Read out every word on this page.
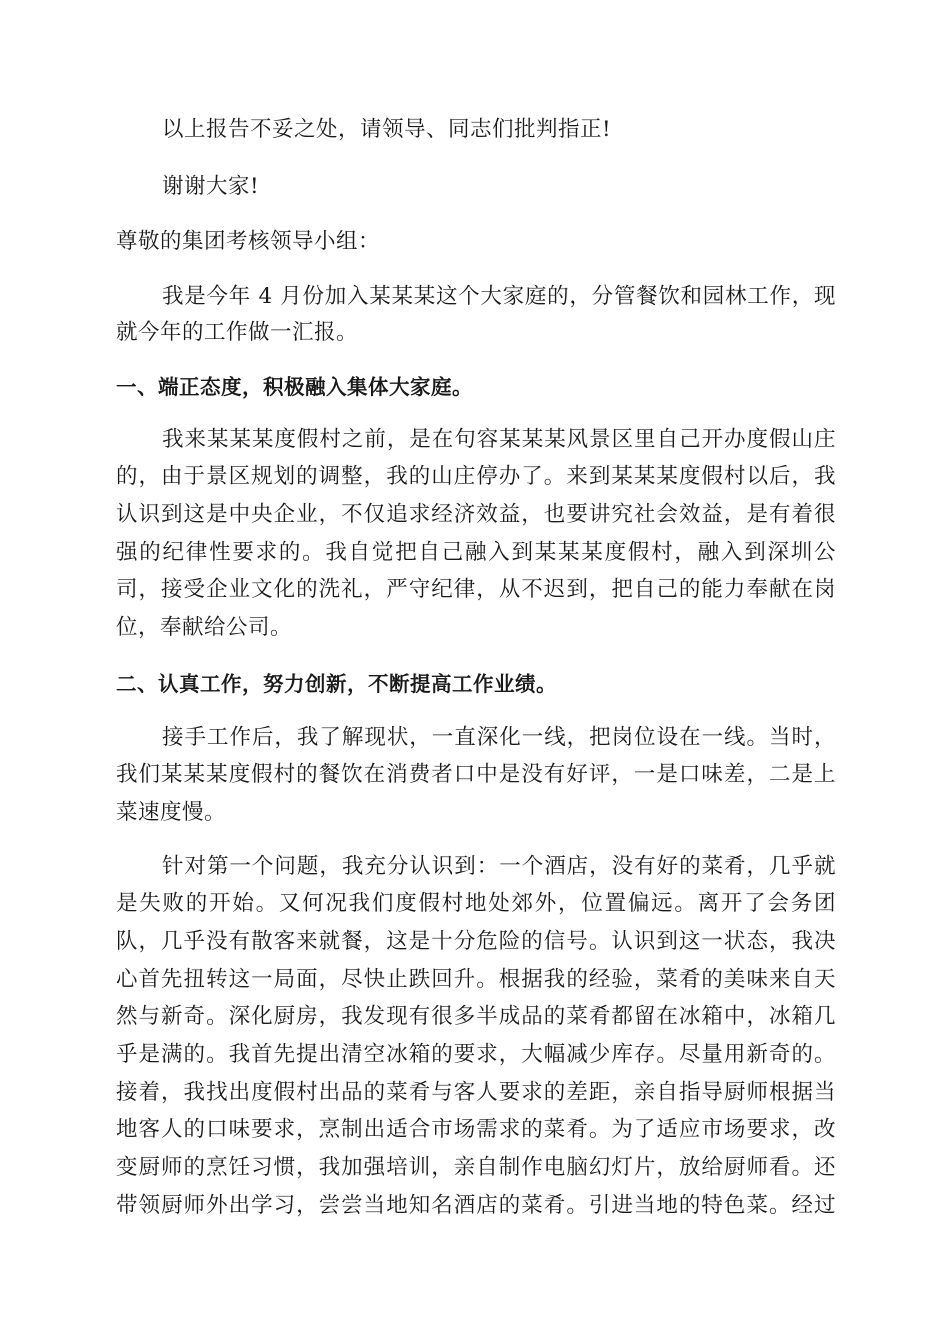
以上报告不妥之处，请领导、同志们批判指正!
谢谢大家!
尊敬的集团考核领导小组：
我是今年 4 月份加入某某某这个大家庭的，分管餐饮和园林工作，现
就今年的工作做一汇报。
一、端正态度，积极融入集体大家庭。
我来某某某度假村之前，是在句容某某某风景区里自己开办度假山庄
的，由于景区规划的调整，我的山庄停办了。来到某某某度假村以后，我
认识到这是中央企业，不仅追求经济效益，也要讲究社会效益，是有着很
强的纪律性要求的。我自觉把自己融入到某某某度假村，融入到深圳公
司，接受企业文化的洗礼，严守纪律，从不迟到，把自己的能力奉献在岗
位，奉献给公司。
二、认真工作，努力创新，不断提高工作业绩。
接手工作后，我了解现状，一直深化一线，把岗位设在一线。当时，
我们某某某度假村的餐饮在消费者口中是没有好评，一是口味差，二是上
菜速度慢。
针对第一个问题，我充分认识到：一个酒店，没有好的菜肴，几乎就
是失败的开始。又何况我们度假村地处郊外，位置偏远。离开了会务团
队，几乎没有散客来就餐，这是十分危险的信号。认识到这一状态，我决
心首先扭转这一局面，尽快止跌回升。根据我的经验，菜肴的美味来自天
然与新奇。深化厨房，我发现有很多半成品的菜肴都留在冰箱中，冰箱几
乎是满的。我首先提出清空冰箱的要求，大幅减少库存。尽量用新奇的。
接着，我找出度假村出品的菜肴与客人要求的差距，亲自指导厨师根据当
地客人的口味要求，烹制出适合市场需求的菜肴。为了适应市场要求，改
变厨师的烹饪习惯，我加强培训，亲自制作电脑幻灯片，放给厨师看。还
带领厨师外出学习，尝尝当地知名酒店的菜肴。引进当地的特色菜。经过
